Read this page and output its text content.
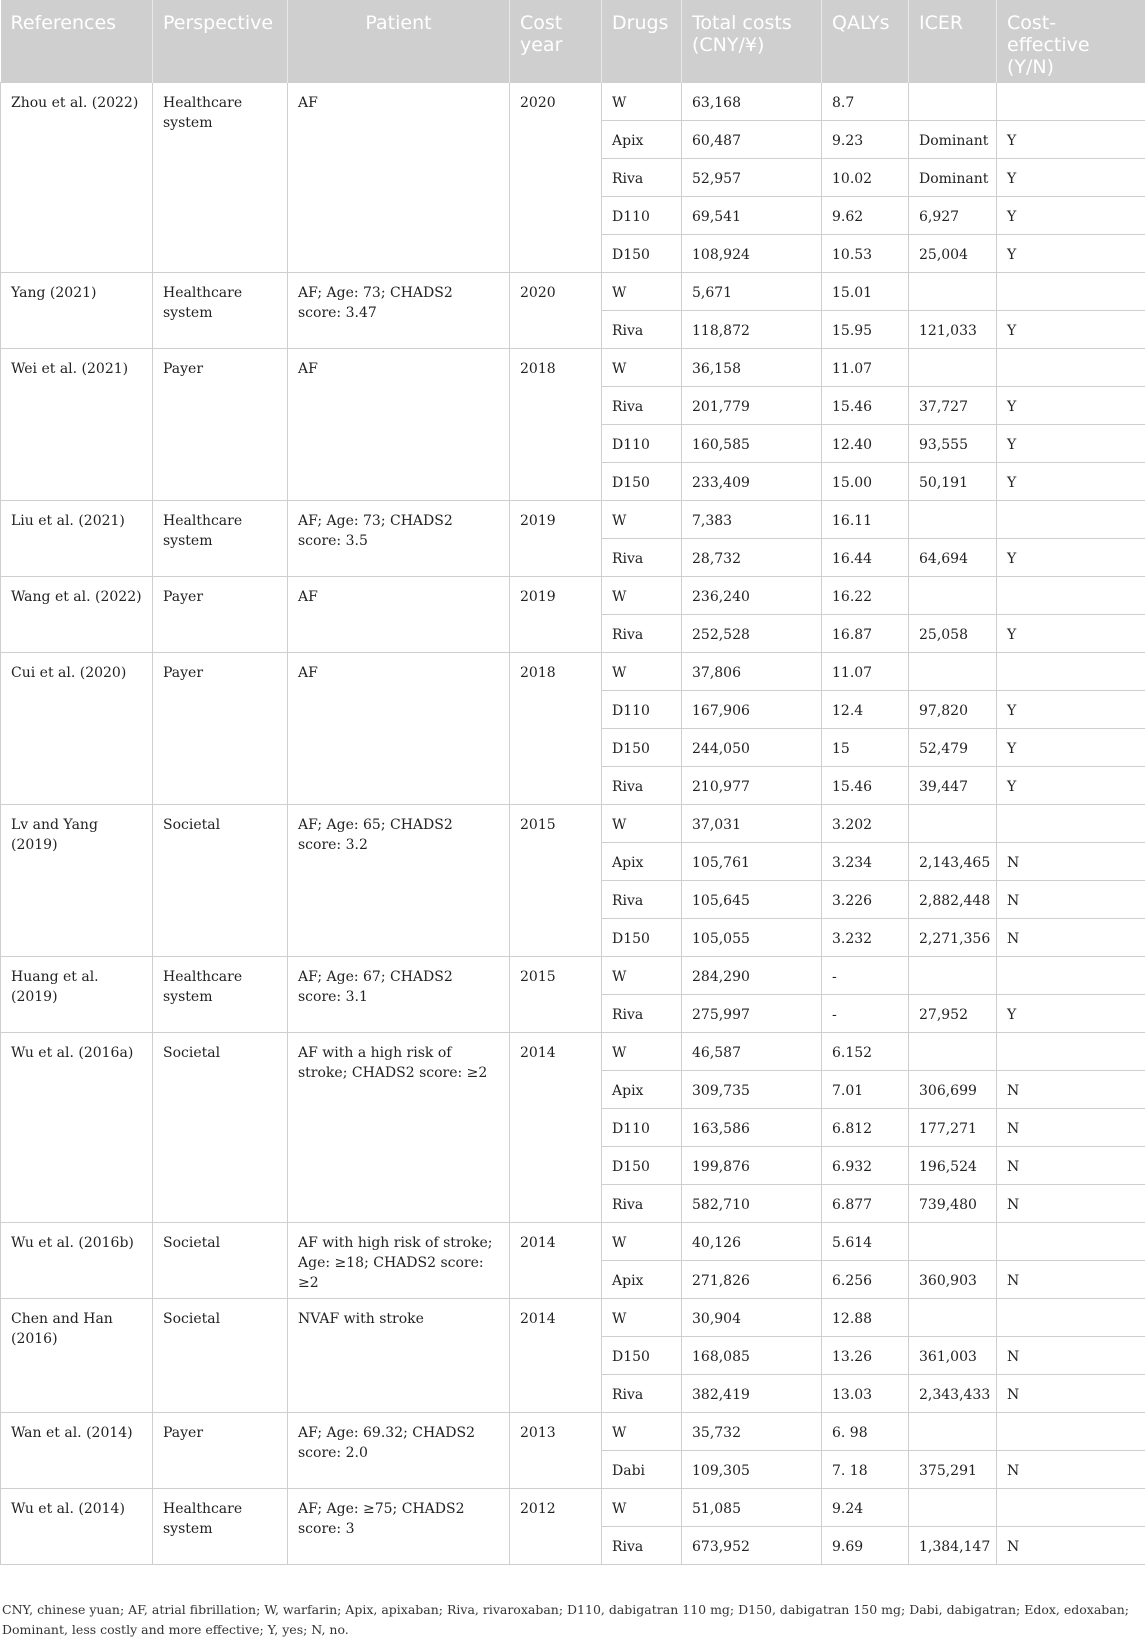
References	Perspective	Patient	Cost year	Drugs	Total costs (CNY/¥)	QALYs	ICER	Cost-effective (Y/N)
Zhou et al. (2022)	Healthcare system	AF	2020	W	63,168	8.7		
				Apix	60,487	9.23	Dominant	Y
				Riva	52,957	10.02	Dominant	Y
				D110	69,541	9.62	6,927	Y
				D150	108,924	10.53	25,004	Y
Yang (2021)	Healthcare system	AF; Age: 73; CHADS2 score: 3.47	2020	W	5,671	15.01		
				Riva	118,872	15.95	121,033	Y
Wei et al. (2021)	Payer	AF	2018	W	36,158	11.07		
				Riva	201,779	15.46	37,727	Y
				D110	160,585	12.40	93,555	Y
				D150	233,409	15.00	50,191	Y
Liu et al. (2021)	Healthcare system	AF; Age: 73; CHADS2 score: 3.5	2019	W	7,383	16.11		
				Riva	28,732	16.44	64,694	Y
Wang et al. (2022)	Payer	AF	2019	W	236,240	16.22		
				Riva	252,528	16.87	25,058	Y
Cui et al. (2020)	Payer	AF	2018	W	37,806	11.07		
				D110	167,906	12.4	97,820	Y
				D150	244,050	15	52,479	Y
				Riva	210,977	15.46	39,447	Y
Lv and Yang (2019)	Societal	AF; Age: 65; CHADS2 score: 3.2	2015	W	37,031	3.202		
				Apix	105,761	3.234	2,143,465	N
				Riva	105,645	3.226	2,882,448	N
				D150	105,055	3.232	2,271,356	N
Huang et al. (2019)	Healthcare system	AF; Age: 67; CHADS2 score: 3.1	2015	W	284,290	-		
				Riva	275,997	-	27,952	Y
Wu et al. (2016a)	Societal	AF with a high risk of stroke; CHADS2 score: ≥2	2014	W	46,587	6.152		
				Apix	309,735	7.01	306,699	N
				D110	163,586	6.812	177,271	N
				D150	199,876	6.932	196,524	N
				Riva	582,710	6.877	739,480	N
Wu et al. (2016b)	Societal	AF with high risk of stroke; Age: ≥18; CHADS2 score: ≥2	2014	W	40,126	5.614		
				Apix	271,826	6.256	360,903	N
Chen and Han (2016)	Societal	NVAF with stroke	2014	W	30,904	12.88		
				D150	168,085	13.26	361,003	N
				Riva	382,419	13.03	2,343,433	N
Wan et al. (2014)	Payer	AF; Age: 69.32; CHADS2 score: 2.0	2013	W	35,732	6. 98		
				Dabi	109,305	7. 18	375,291	N
Wu et al. (2014)	Healthcare system	AF; Age: ≥75; CHADS2 score: 3	2012	W	51,085	9.24		
				Riva	673,952	9.69	1,384,147	N
CNY, chinese yuan; AF, atrial fibrillation; W, warfarin; Apix, apixaban; Riva, rivaroxaban; D110, dabigatran 110 mg; D150, dabigatran 150 mg; Dabi, dabigatran; Edox, edoxaban; Dominant, less costly and more effective; Y, yes; N, no.
